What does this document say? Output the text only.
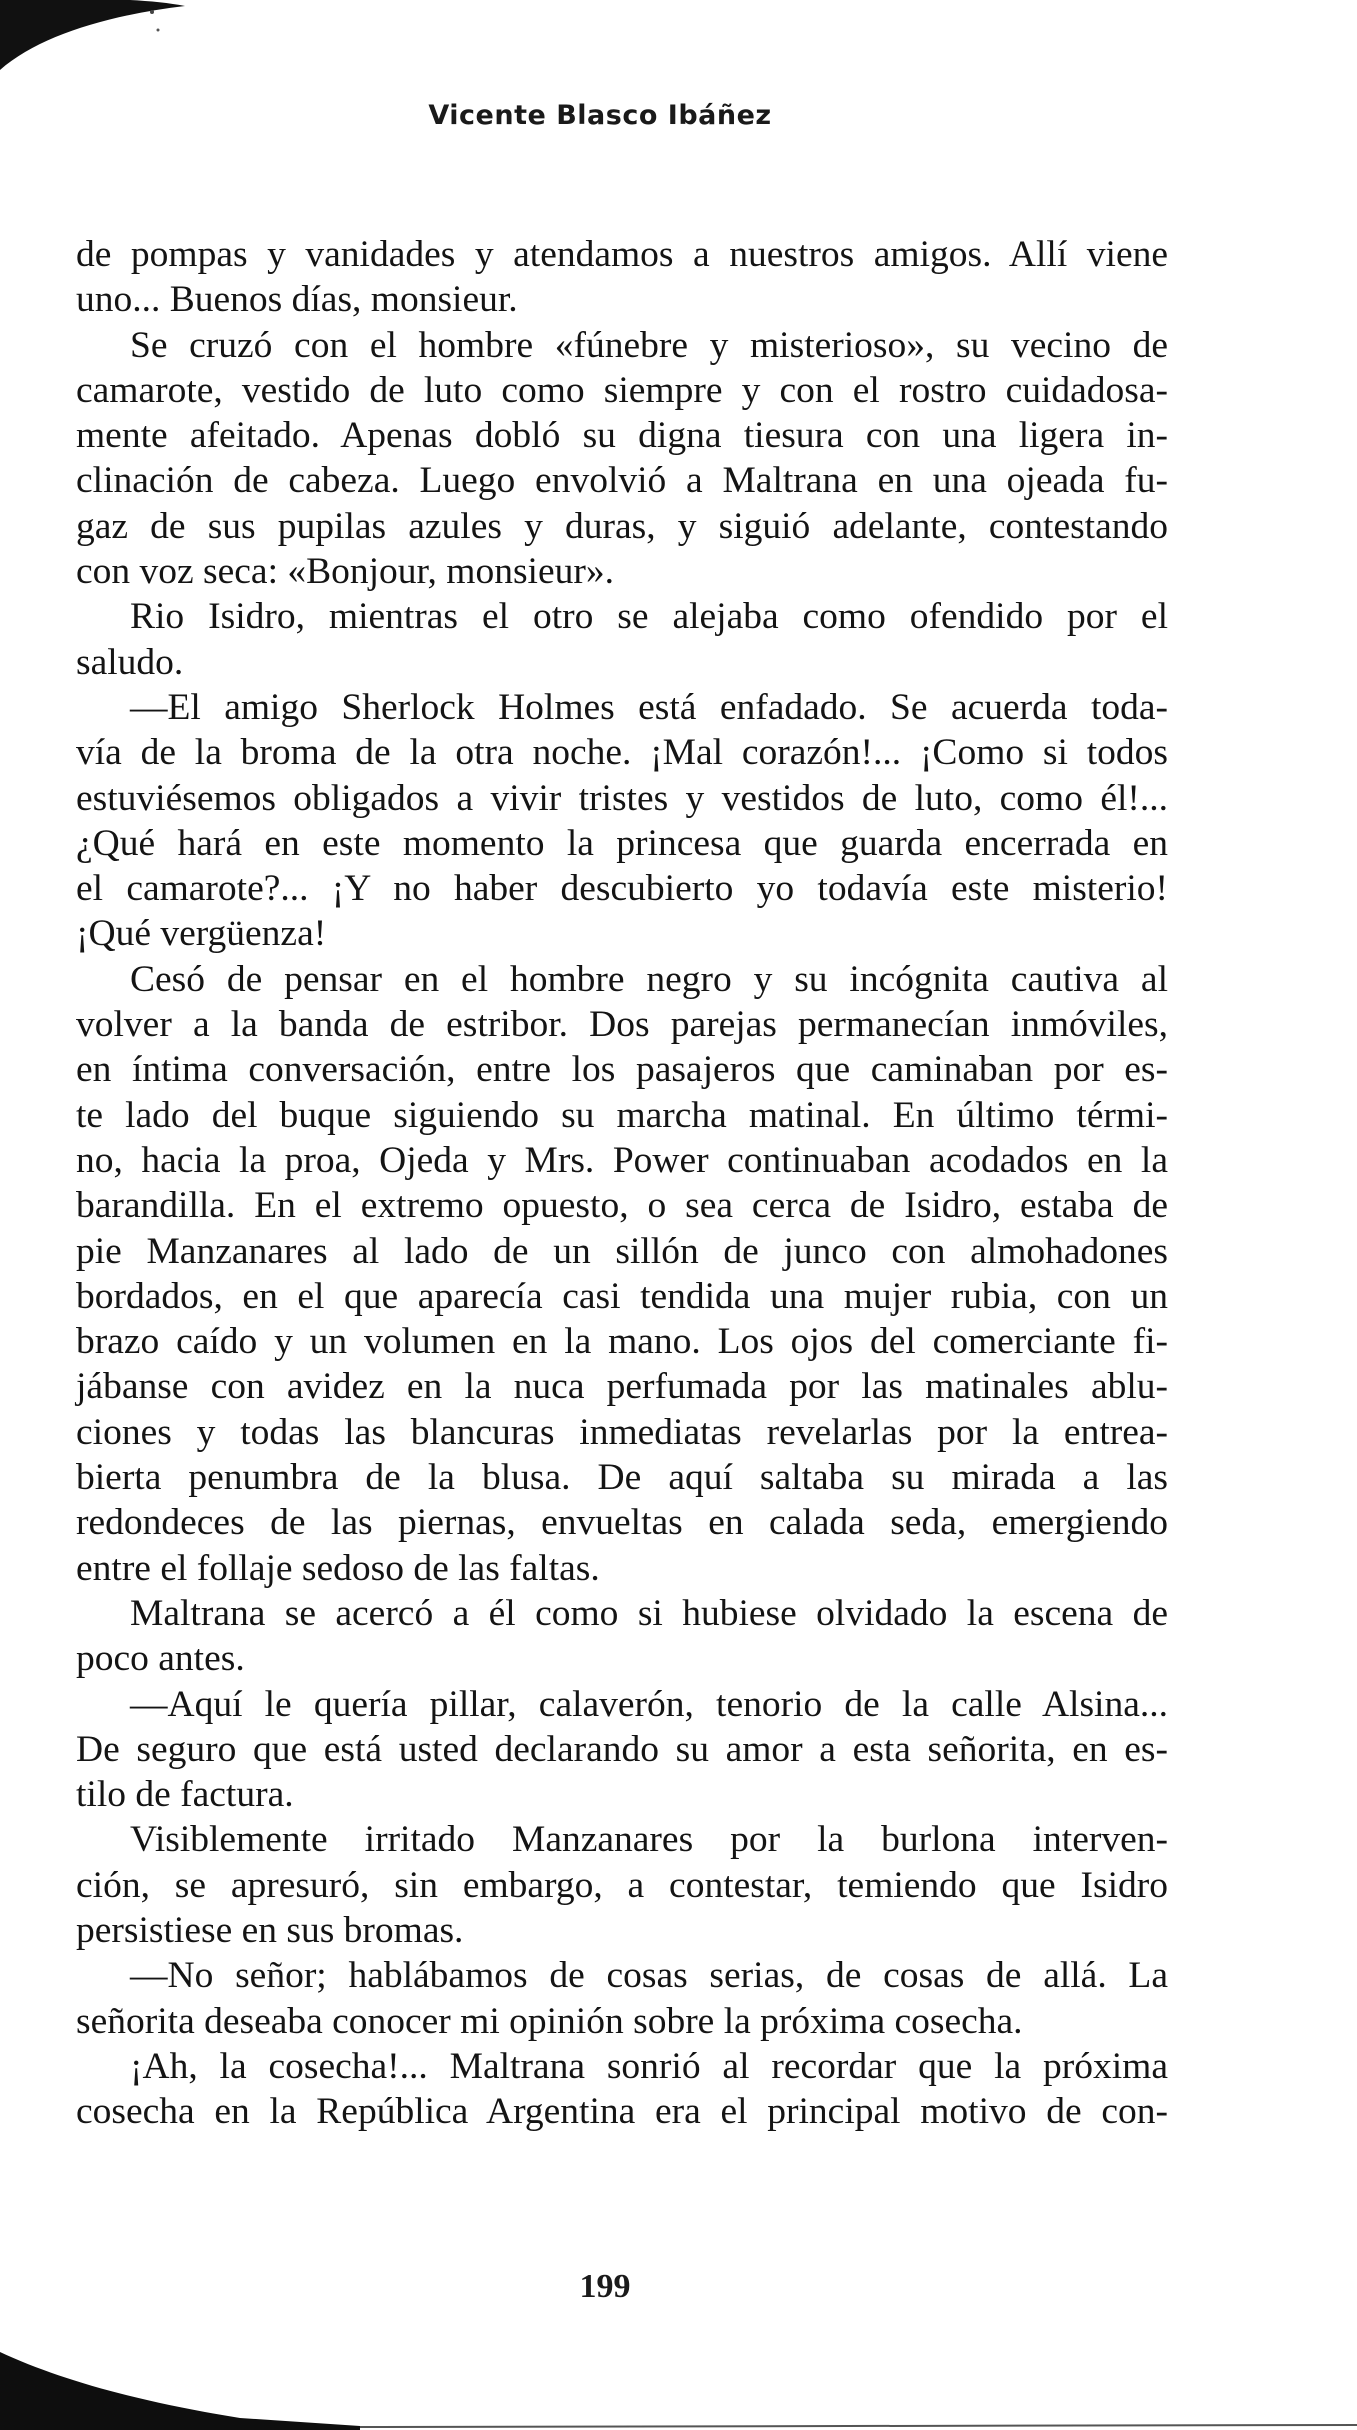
Vicente Blasco Ibáñez
de pompas y vanidades y atendamos a nuestros amigos. Allí viene
uno... Buenos días, monsieur.
Se cruzó con el hombre «fúnebre y misterioso», su vecino de
camarote, vestido de luto como siempre y con el rostro cuidadosa-
mente afeitado. Apenas dobló su digna tiesura con una ligera in-
clinación de cabeza. Luego envolvió a Maltrana en una ojeada fu-
gaz de sus pupilas azules y duras, y siguió adelante, contestando
con voz seca: «Bonjour, monsieur».
Rio Isidro, mientras el otro se alejaba como ofendido por el
saludo.
—El amigo Sherlock Holmes está enfadado. Se acuerda toda-
vía de la broma de la otra noche. ¡Mal corazón!... ¡Como si todos
estuviésemos obligados a vivir tristes y vestidos de luto, como él!...
¿Qué hará en este momento la princesa que guarda encerrada en
el camarote?... ¡Y no haber descubierto yo todavía este misterio!
¡Qué vergüenza!
Cesó de pensar en el hombre negro y su incógnita cautiva al
volver a la banda de estribor. Dos parejas permanecían inmóviles,
en íntima conversación, entre los pasajeros que caminaban por es-
te lado del buque siguiendo su marcha matinal. En último térmi-
no, hacia la proa, Ojeda y Mrs. Power continuaban acodados en la
barandilla. En el extremo opuesto, o sea cerca de Isidro, estaba de
pie Manzanares al lado de un sillón de junco con almohadones
bordados, en el que aparecía casi tendida una mujer rubia, con un
brazo caído y un volumen en la mano. Los ojos del comerciante fi-
jábanse con avidez en la nuca perfumada por las matinales ablu-
ciones y todas las blancuras inmediatas revelarlas por la entrea-
bierta penumbra de la blusa. De aquí saltaba su mirada a las
redondeces de las piernas, envueltas en calada seda, emergiendo
entre el follaje sedoso de las faltas.
Maltrana se acercó a él como si hubiese olvidado la escena de
poco antes.
—Aquí le quería pillar, calaverón, tenorio de la calle Alsina...
De seguro que está usted declarando su amor a esta señorita, en es-
tilo de factura.
Visiblemente irritado Manzanares por la burlona interven-
ción, se apresuró, sin embargo, a contestar, temiendo que Isidro
persistiese en sus bromas.
—No señor; hablábamos de cosas serias, de cosas de allá. La
señorita deseaba conocer mi opinión sobre la próxima cosecha.
¡Ah, la cosecha!... Maltrana sonrió al recordar que la próxima
cosecha en la República Argentina era el principal motivo de con-
199
